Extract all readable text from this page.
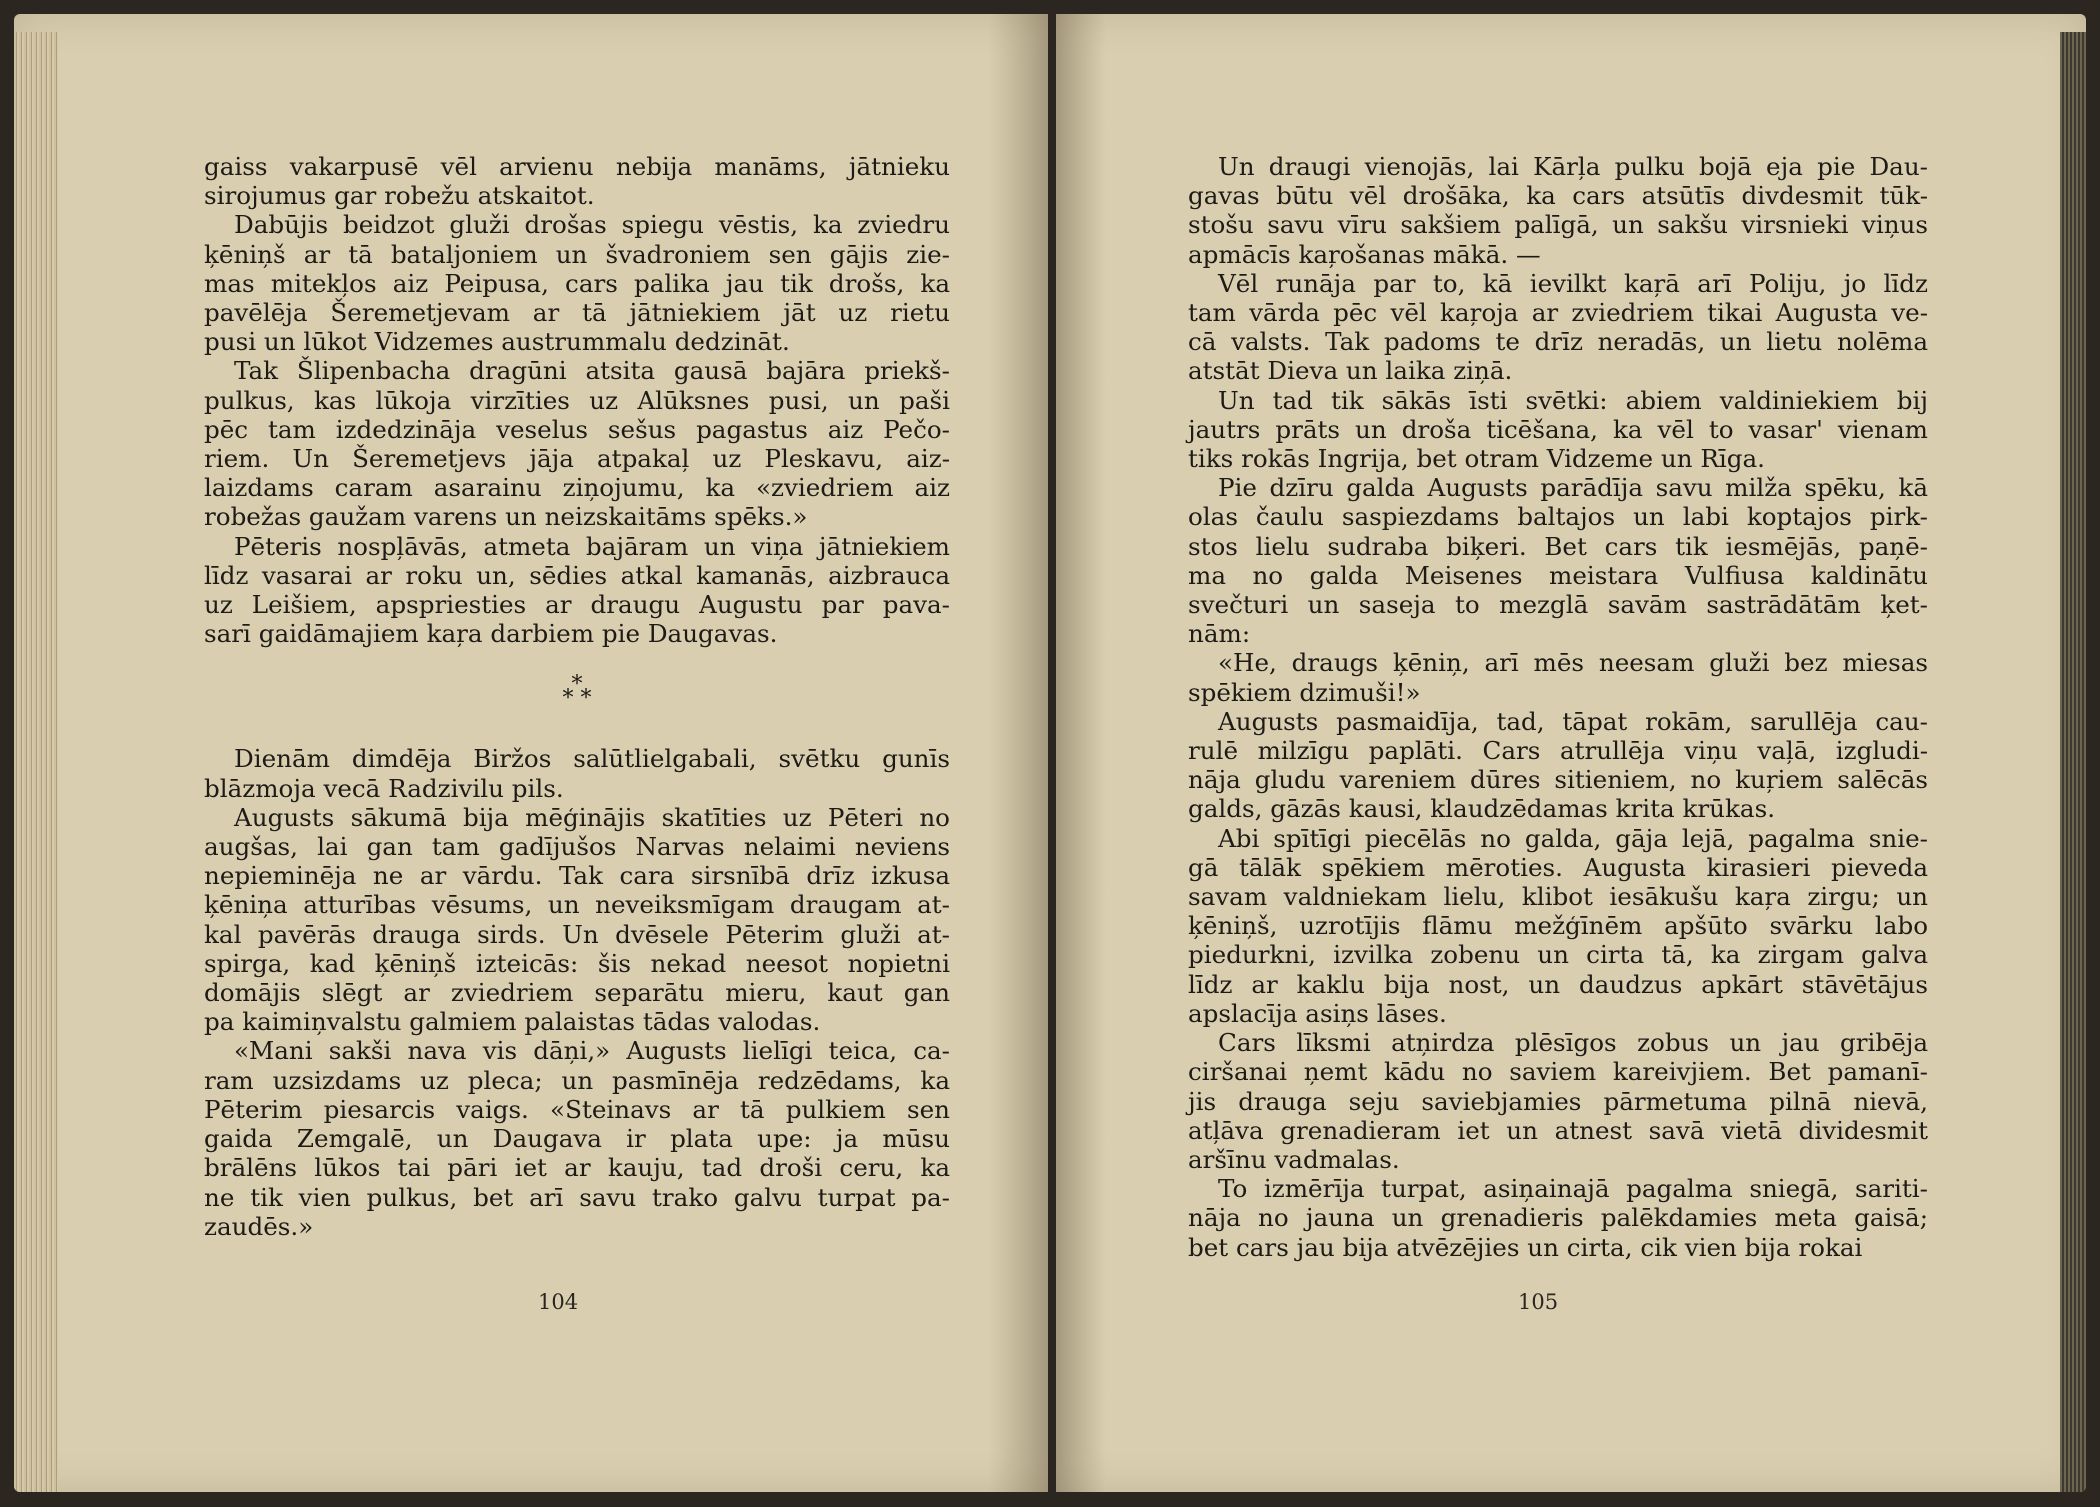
gaiss vakarpusē vēl arvienu nebija manāms, jātnieku
sirojumus gar robežu atskaitot.

Dabūjis beidzot gluži drošas spiegu vēstis, ka zviedru
ķēniņš ar tā bataljoniem un švadroniem sen gājis zie-
mas mitekļos aiz Peipusa, cars palika jau tik drošs, ka
pavēlēja Šeremetjevam ar tā jātniekiem jāt uz rietu
pusi un lūkot Vidzemes austrummalu dedzināt.

Tak Šlipenbacha dragūni atsita gausā bajāra priekš-
pulkus, kas lūkoja virzīties uz Alūksnes pusi, un paši
pēc tam izdedzināja veselus sešus pagastus aiz Pečo-
riem. Un Šeremetjevs jāja atpakaļ uz Pleskavu, aiz-
laizdams caram asarainu ziņojumu, ka «zviedriem aiz
robežas gaužam varens un neizskaitāms spēks.»

Pēteris nospļāvās, atmeta bajāram un viņa jātniekiem
līdz vasarai ar roku un, sēdies atkal kamanās, aizbrauca
uz Leišiem, apspriesties ar draugu Augustu par pava-
sarī gaidāmajiem kaŗa darbiem pie Daugavas.

*
* *

Dienām dimdēja Biržos salūtlielgabali, svētku gunīs
blāzmoja vecā Radzivilu pils.

Augusts sākumā bija mēģinājis skatīties uz Pēteri no
augšas, lai gan tam gadījušos Narvas nelaimi neviens
nepieminēja ne ar vārdu. Tak cara sirsnībā drīz izkusa
ķēniņa atturības vēsums, un neveiksmīgam draugam at-
kal pavērās drauga sirds. Un dvēsele Pēterim gluži at-
spirga, kad ķēniņš izteicās: šis nekad neesot nopietni
domājis slēgt ar zviedriem separātu mieru, kaut gan
pa kaimiņvalstu galmiem palaistas tādas valodas.

«Mani sakši nava vis dāņi,» Augusts lielīgi teica, ca-
ram uzsizdams uz pleca; un pasmīnēja redzēdams, ka
Pēterim piesarcis vaigs. «Steinavs ar tā pulkiem sen
gaida Zemgalē, un Daugava ir plata upe: ja mūsu
brālēns lūkos tai pāri iet ar kauju, tad droši ceru, ka
ne tik vien pulkus, bet arī savu trako galvu turpat pa-
zaudēs.»

104

Un draugi vienojās, lai Kārļa pulku bojā eja pie Dau-
gavas būtu vēl drošāka, ka cars atsūtīs divdesmit tūk-
stošu savu vīru sakšiem palīgā, un sakšu virsnieki viņus
apmācīs kaŗošanas mākā. —

Vēl runāja par to, kā ievilkt kaŗā arī Poliju, jo līdz
tam vārda pēc vēl kaŗoja ar zviedriem tikai Augusta ve-
cā valsts. Tak padoms te drīz neradās, un lietu nolēma
atstāt Dieva un laika ziņā.

Un tad tik sākās īsti svētki: abiem valdiniekiem bij
jautrs prāts un droša ticēšana, ka vēl to vasar' vienam
tiks rokās Ingrija, bet otram Vidzeme un Rīga.

Pie dzīru galda Augusts parādīja savu milža spēku, kā
olas čaulu saspiezdams baltajos un labi koptajos pirk-
stos lielu sudraba biķeri. Bet cars tik iesmējās, paņē-
ma no galda Meisenes meistara Vulfiusa kaldinātu
svečturi un saseja to mezglā savām sastrādātām ķet-
nām:

«He, draugs ķēniņ, arī mēs neesam gluži bez miesas
spēkiem dzimuši!»

Augusts pasmaidīja, tad, tāpat rokām, sarullēja cau-
rulē milzīgu paplāti. Cars atrullēja viņu vaļā, izgludi-
nāja gludu vareniem dūres sitieniem, no kuŗiem salēcās
galds, gāzās kausi, klaudzēdamas krita krūkas.

Abi spītīgi piecēlās no galda, gāja lejā, pagalma snie-
gā tālāk spēkiem mēroties. Augusta kirasieri pieveda
savam valdniekam lielu, klibot iesākušu kaŗa zirgu; un
ķēniņš, uzrotījis flāmu mežģīnēm apšūto svārku labo
piedurkni, izvilka zobenu un cirta tā, ka zirgam galva
līdz ar kaklu bija nost, un daudzus apkārt stāvētājus
apslacīja asiņs lāses.

Cars līksmi atņirdza plēsīgos zobus un jau gribēja
ciršanai ņemt kādu no saviem kareivjiem. Bet pamanī-
jis drauga seju saviebjamies pārmetuma pilnā nievā,
atļāva grenadieram iet un atnest savā vietā dividesmit
aršīnu vadmalas.

To izmērīja turpat, asiņainajā pagalma sniegā, sariti-
nāja no jauna un grenadieris palēkdamies meta gaisā;
bet cars jau bija atvēzējies un cirta, cik vien bija rokai

105
